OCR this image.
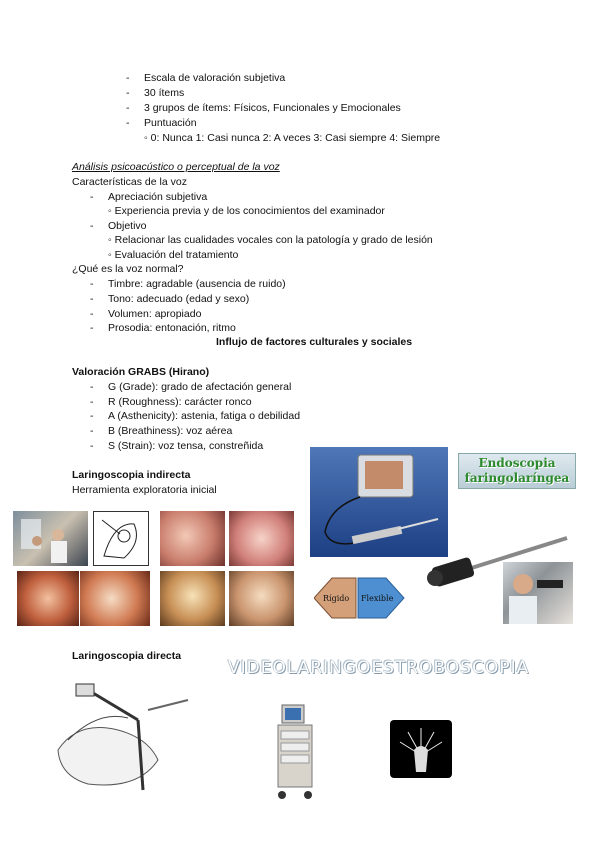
- Escala de valoración subjetiva
- 30 ítems
- 3 grupos de ítems: Físicos, Funcionales y Emocionales
- Puntuación
◦ 0: Nunca 1: Casi nunca 2: A veces 3: Casi siempre 4: Siempre
Análisis psicoacústico o perceptual de la voz
Características de la voz
- Apreciación subjetiva
◦ Experiencia previa y de los conocimientos del examinador
- Objetivo
◦ Relacionar las cualidades vocales con la patología y grado de lesión
◦ Evaluación del tratamiento
¿Qué es la voz normal?
- Timbre: agradable (ausencia de ruido)
- Tono: adecuado (edad y sexo)
- Volumen: apropiado
- Prosodia: entonación, ritmo
Influjo de factores culturales y sociales
Valoración GRABS (Hirano)
- G (Grade): grado de afectación general
- R (Roughness): carácter ronco
- A (Asthenicity): astenia, fatiga o debilidad
- B (Breathiness): voz aérea
- S (Strain): voz tensa, constreñida
Laringoscopia indirecta
Herramienta exploratoria inicial
Endoscopia
faringolaríngea
Rígido Flexible
Laringoscopia directa
VIDEOLARINGOESTROBOSCOPIA
